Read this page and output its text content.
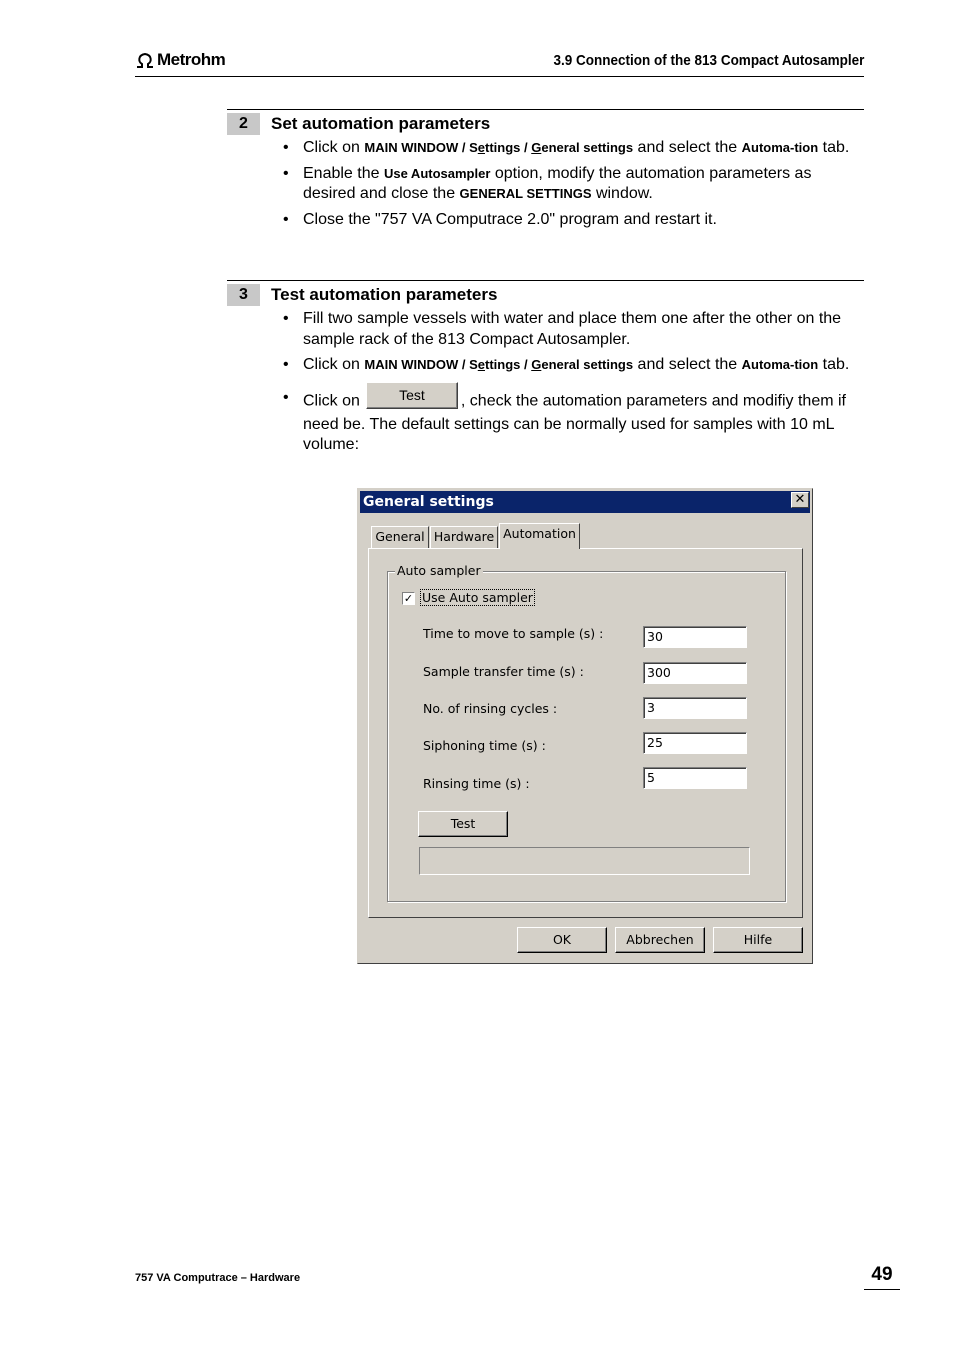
Metrohm	3.9 Connection of the 813 Compact Autosampler
2	Set automation parameters
• Click on MAIN WINDOW / Settings / General settings and select the Automa-tion tab.
• Enable the Use Autosampler option, modify the automation parameters as desired and close the GENERAL SETTINGS window.
• Close the "757 VA Computrace 2.0" program and restart it.
3	Test automation parameters
• Fill two sample vessels with water and place them one after the other on the sample rack of the 813 Compact Autosampler.
• Click on MAIN WINDOW / Settings / General settings and select the Automa-tion tab.
• Click on	Test , check the automation parameters and modifiy them if need be. The default settings can be normally used for samples with 10 mL volume:
General settings	✕
General Hardware Automation
Auto sampler
✓ Use Auto sampler
Time to move to sample (s) :	30
Sample transfer time (s) :	300
No. of rinsing cycles :	3
Siphoning time (s) :	25
Rinsing time (s) :	5
Test
OK	Abbrechen	Hilfe
757 VA Computrace – Hardware	49
